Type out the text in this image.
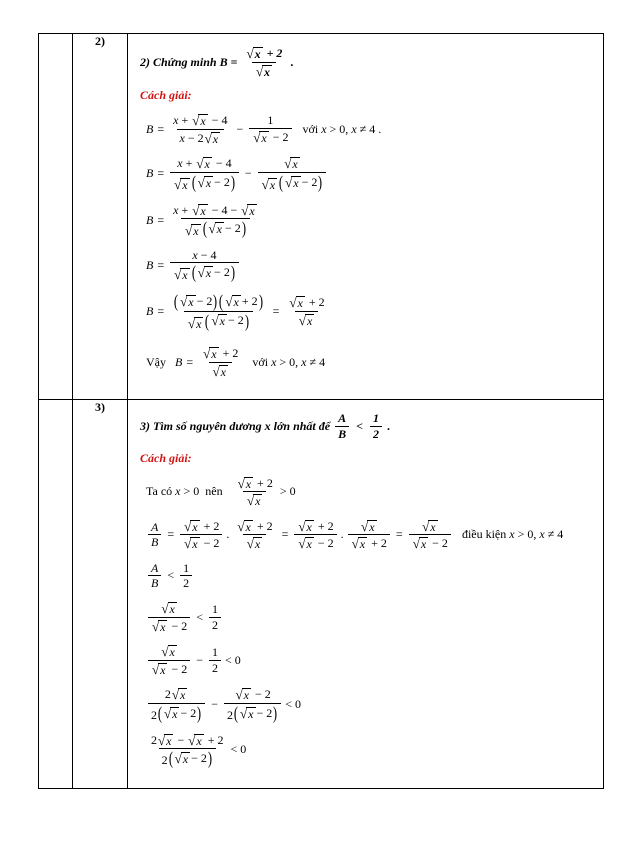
	2)	
2) Chứng minh $B = \frac{√ x + 2}{√ x}$ .
Cách giải:
$B = \frac{x + √ x - 4}{x - 2 √ x} - \frac{1}{√ x - 2}$ với x > 0, x ≠ 4 .
$B = \frac{x + √ x - 4}{√ x ( √ x - 2 )} - \frac{√ x}{√ x ( √ x - 2 )}$
$B = \frac{x + √ x - 4 - √ x}{√ x ( √ x - 2 )}$
$B = \frac{x - 4}{√ x ( √ x - 2 )}$
$B = \frac{( √ x - 2 ) ( √ x + 2 )}{√ x ( √ x - 2 )} = \frac{√ x + 2}{√ x}$
Vậy $B = \frac{√ x + 2}{√ x}$ với x > 0, x ≠ 4

	3)	
3) Tìm số nguyên dương x lớn nhất để $\frac{A}{B} < \frac{1}{2}$ .
Cách giải:
Ta có x > 0  nên $\frac{√ x + 2}{√ x} > 0$
$\frac{A}{B} = \frac{√ x + 2}{√ x - 2}$ . $\frac{√ x + 2}{√ x} = \frac{√ x + 2}{√ x - 2}$ . $\frac{√ x}{√ x + 2} = \frac{√ x}{√ x - 2}$ điều kiện x > 0, x ≠ 4
$\frac{A}{B} < \frac{1}{2}$
$\frac{√ x}{√ x - 2} < \frac{1}{2}$
$\frac{√ x}{√ x - 2} - \frac{1}{2} < 0$
$\frac{2 √ x}{2 ( √ x - 2 )} - \frac{√ x - 2}{2 ( √ x - 2 )} < 0$
$\frac{2 √ x - √ x + 2}{2 ( √ x - 2 )} < 0$
